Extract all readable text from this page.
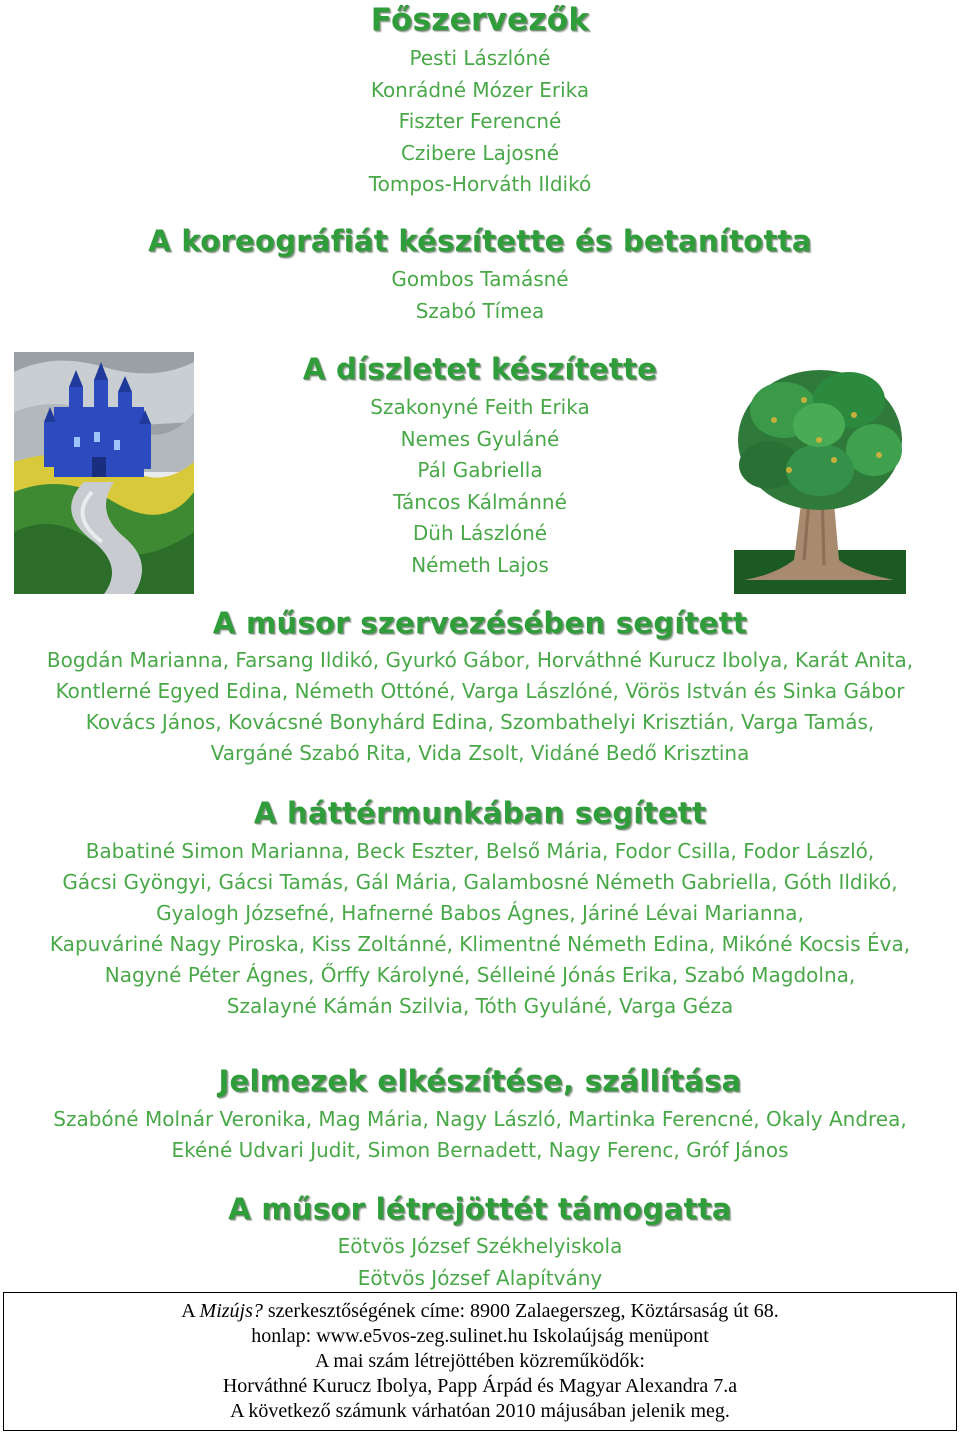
Főszervezők
Pesti Lászlóné
Konrádné Mózer Erika
Fiszter Ferencné
Czibere Lajosné
Tompos-Horváth Ildikó
A koreográfiát készítette és betanította
Gombos Tamásné
Szabó Tímea
A díszletet készítette
Szakonyné Feith Erika
Nemes Gyuláné
Pál Gabriella
Táncos Kálmánné
Düh Lászlóné
Németh Lajos
A műsor szervezésében segített
Bogdán Marianna, Farsang Ildikó, Gyurkó Gábor, Horváthné Kurucz Ibolya, Karát Anita,
Kontlerné Egyed Edina, Németh Ottóné, Varga Lászlóné, Vörös István és Sinka Gábor
Kovács János, Kovácsné Bonyhárd Edina, Szombathelyi Krisztián, Varga Tamás,
Vargáné Szabó Rita, Vida Zsolt, Vidáné Bedő Krisztina
A háttérmunkában segített
Babatiné Simon Marianna, Beck Eszter, Belső Mária, Fodor Csilla, Fodor László,
Gácsi Gyöngyi, Gácsi Tamás, Gál Mária, Galambosné Németh Gabriella, Góth Ildikó,
Gyalogh Józsefné, Hafnerné Babos Ágnes, Járiné Lévai Marianna,
Kapuváriné Nagy Piroska, Kiss Zoltánné, Klimentné Németh Edina, Mikóné Kocsis Éva,
Nagyné Péter Ágnes, Őrffy Károlyné, Sélleiné Jónás Erika, Szabó Magdolna,
Szalayné Kámán Szilvia, Tóth Gyuláné, Varga Géza
Jelmezek elkészítése, szállítása
Szabóné Molnár Veronika, Mag Mária, Nagy László, Martinka Ferencné, Okaly Andrea,
Ekéné Udvari Judit, Simon Bernadett, Nagy Ferenc, Gróf János
A műsor létrejöttét támogatta
Eötvös József Székhelyiskola
Eötvös József Alapítvány
A Mizújs? szerkesztőségének címe: 8900 Zalaegerszeg, Köztársaság út 68.
honlap: www.e5vos-zeg.sulinet.hu Iskolaújság menüpont
A mai szám létrejöttében közreműködők:
Horváthné Kurucz Ibolya, Papp Árpád és Magyar Alexandra 7.a
A következő számunk várhatóan 2010 májusában jelenik meg.
